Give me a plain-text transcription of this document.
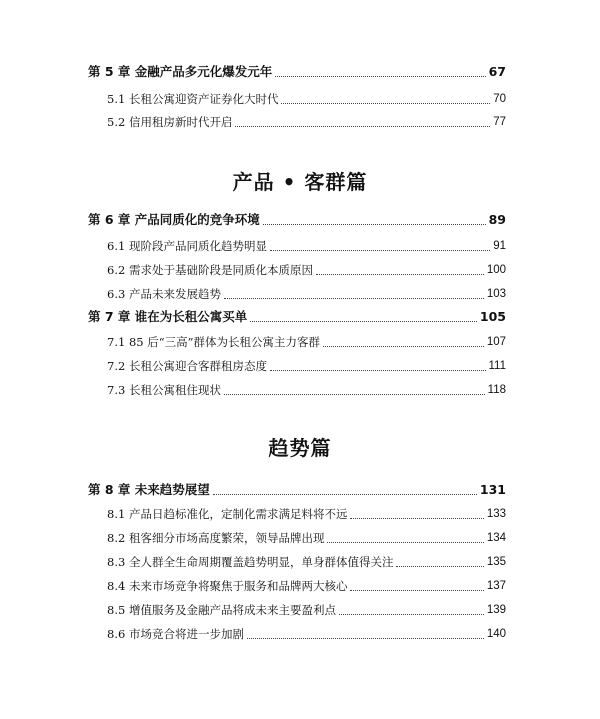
第 5 章 金融产品多元化爆发元年	67
5.1 长租公寓迎资产证券化大时代	70
5.2 信用租房新时代开启	77
产品 • 客群篇
第 6 章 产品同质化的竞争环境	89
6.1 现阶段产品同质化趋势明显	91
6.2 需求处于基础阶段是同质化本质原因	100
6.3 产品未来发展趋势	103
第 7 章 谁在为长租公寓买单	105
7.1 85 后“三高”群体为长租公寓主力客群	107
7.2 长租公寓迎合客群租房态度	111
7.3 长租公寓租住现状	118
趋势篇
第 8 章 未来趋势展望	131
8.1 产品日趋标准化，定制化需求满足料将不远	133
8.2 租客细分市场高度繁荣，领导品牌出现	134
8.3 全人群全生命周期覆盖趋势明显，单身群体值得关注	135
8.4 未来市场竞争将聚焦于服务和品牌两大核心	137
8.5 增值服务及金融产品将成未来主要盈利点	139
8.6 市场竞合将进一步加剧	140
